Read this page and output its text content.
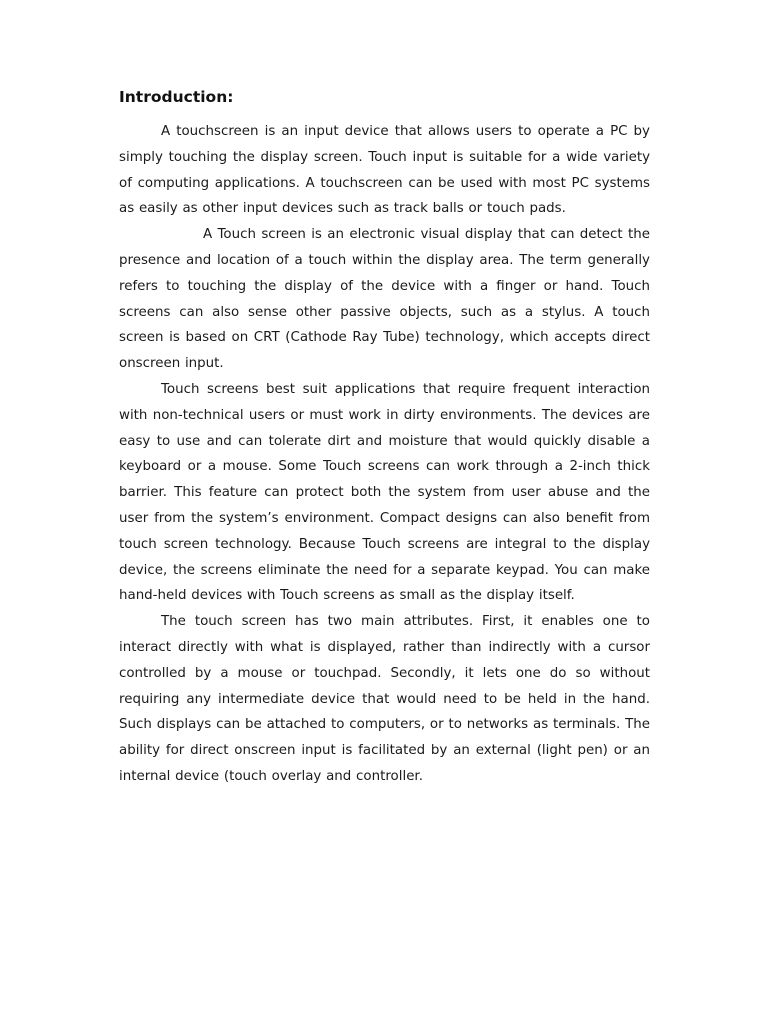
Introduction:

A touchscreen is an input device that allows users to operate a PC by simply touching the display screen. Touch input is suitable for a wide variety of computing applications. A touchscreen can be used with most PC systems as easily as other input devices such as track balls or touch pads.

A Touch screen is an electronic visual display that can detect the presence and location of a touch within the display area. The term generally refers to touching the display of the device with a finger or hand. Touch screens can also sense other passive objects, such as a stylus. A touch screen is based on CRT (Cathode Ray Tube) technology, which accepts direct onscreen input.

Touch screens best suit applications that require frequent interaction with non-technical users or must work in dirty environments. The devices are easy to use and can tolerate dirt and moisture that would quickly disable a keyboard or a mouse. Some Touch screens can work through a 2-inch thick barrier. This feature can protect both the system from user abuse and the user from the system’s environment. Compact designs can also benefit from touch screen technology. Because Touch screens are integral to the display device, the screens eliminate the need for a separate keypad. You can make hand-held devices with Touch screens as small as the display itself.

The touch screen has two main attributes. First, it enables one to interact directly with what is displayed, rather than indirectly with a cursor controlled by a mouse or touchpad. Secondly, it lets one do so without requiring any intermediate device that would need to be held in the hand. Such displays can be attached to computers, or to networks as terminals. The ability for direct onscreen input is facilitated by an external (light pen) or an internal device (touch overlay and controller.
